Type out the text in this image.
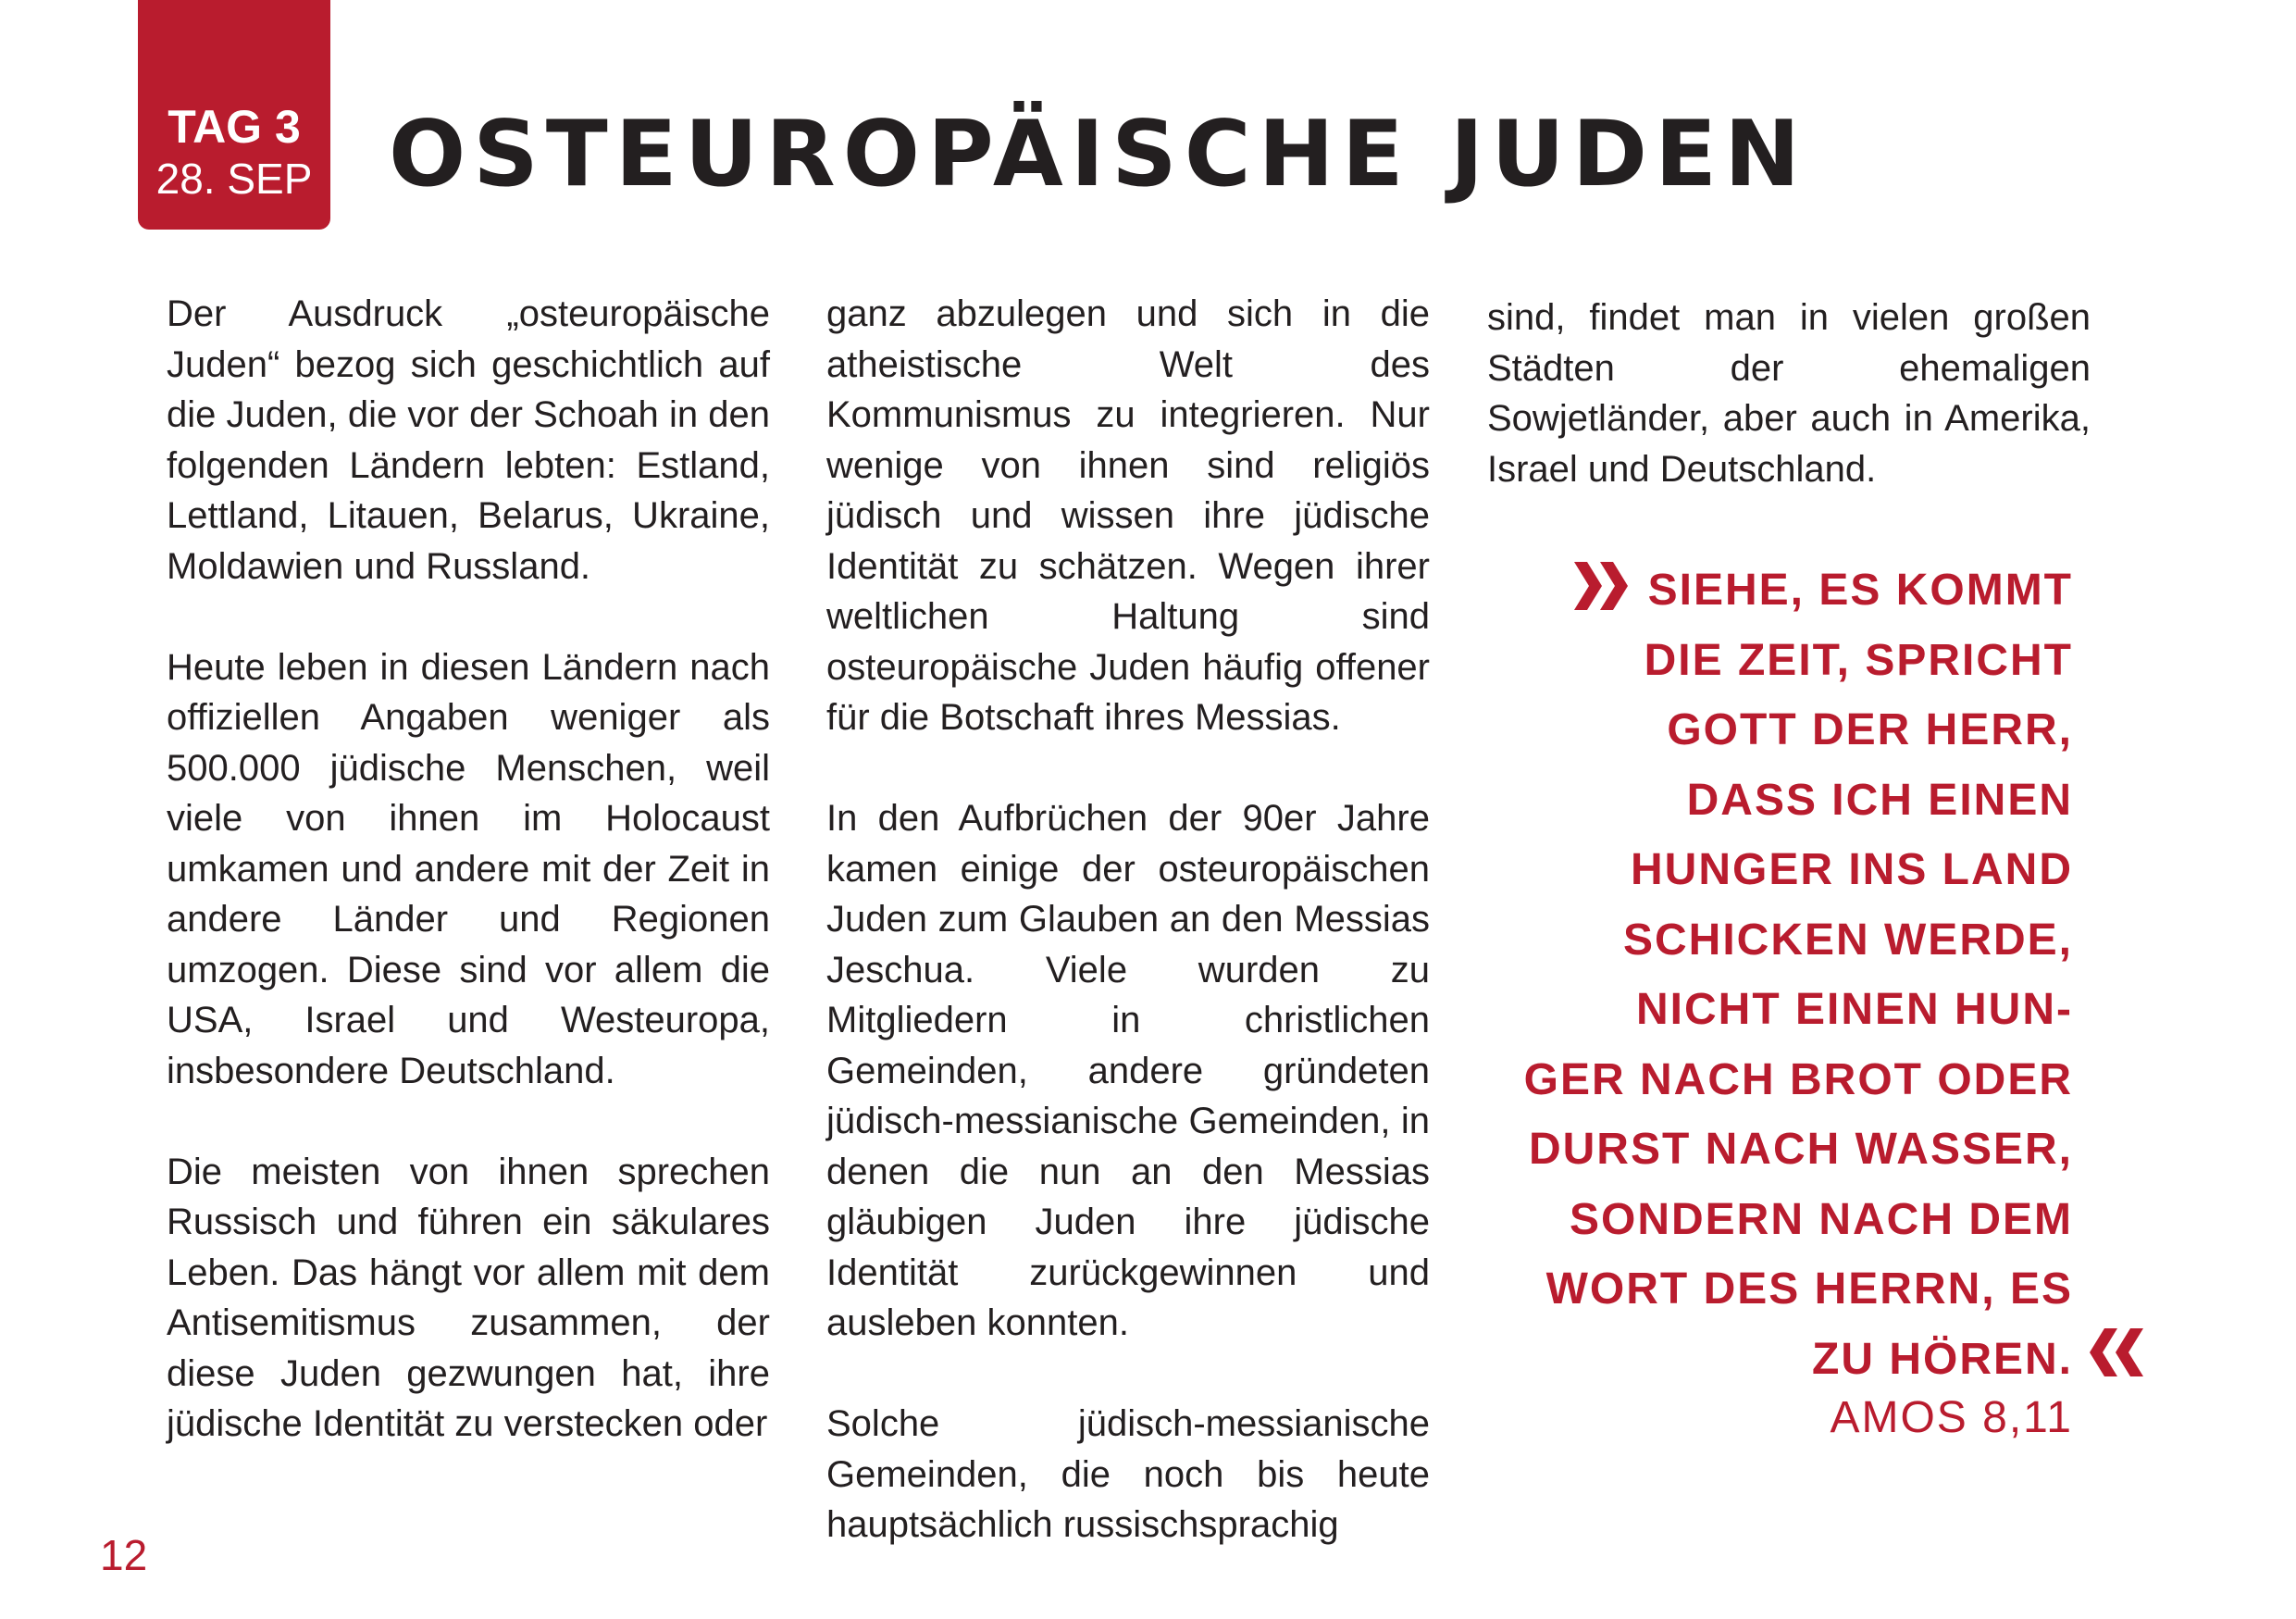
TAG 3
28. SEP OSTEUROPÄISCHE JUDEN

Der Ausdruck „osteuropäische Juden“ bezog sich geschichtlich auf die Juden, die vor der Schoah in den folgenden Ländern lebten: Estland, Lettland, Litauen, Belarus, Ukraine, Moldawien und Russland.

Heute leben in diesen Ländern nach offiziellen Angaben weniger als 500.000 jüdische Menschen, weil viele von ihnen im Holocaust umkamen und andere mit der Zeit in andere Länder und Regionen umzogen. Diese sind vor allem die USA, Israel und Westeuropa, insbesondere Deutschland.

Die meisten von ihnen sprechen Russisch und führen ein säkulares Leben. Das hängt vor allem mit dem Antisemitismus zusammen, der diese Juden gezwungen hat, ihre jüdische Identität zu verstecken oder

ganz abzulegen und sich in die atheistische Welt des Kommunismus zu integrieren. Nur wenige von ihnen sind religiös jüdisch und wissen ihre jüdische Identität zu schätzen. Wegen ihrer weltlichen Haltung sind osteuropäische Juden häufig offener für die Botschaft ihres Messias.

In den Aufbrüchen der 90er Jahre kamen einige der osteuropäischen Juden zum Glauben an den Messias Jeschua. Viele wurden zu Mitgliedern in christlichen Gemeinden, andere gründeten jüdisch-messianische Gemeinden, in denen die nun an den Messias gläubigen Juden ihre jüdische Identität zurückgewinnen und ausleben konnten.

Solche jüdisch-messianische Gemeinden, die noch bis heute hauptsächlich russischsprachig

sind, findet man in vielen großen Städten der ehemaligen Sowjetländer, aber auch in Amerika, Israel und Deutschland.

SIEHE, ES KOMMT
DIE ZEIT, SPRICHT
GOTT DER HERR,
DASS ICH EINEN
HUNGER INS LAND
SCHICKEN WERDE,
NICHT EINEN HUN-
GER NACH BROT ODER
DURST NACH WASSER,
SONDERN NACH DEM
WORT DES HERRN, ES
ZU HÖREN.

AMOS 8,11

12
